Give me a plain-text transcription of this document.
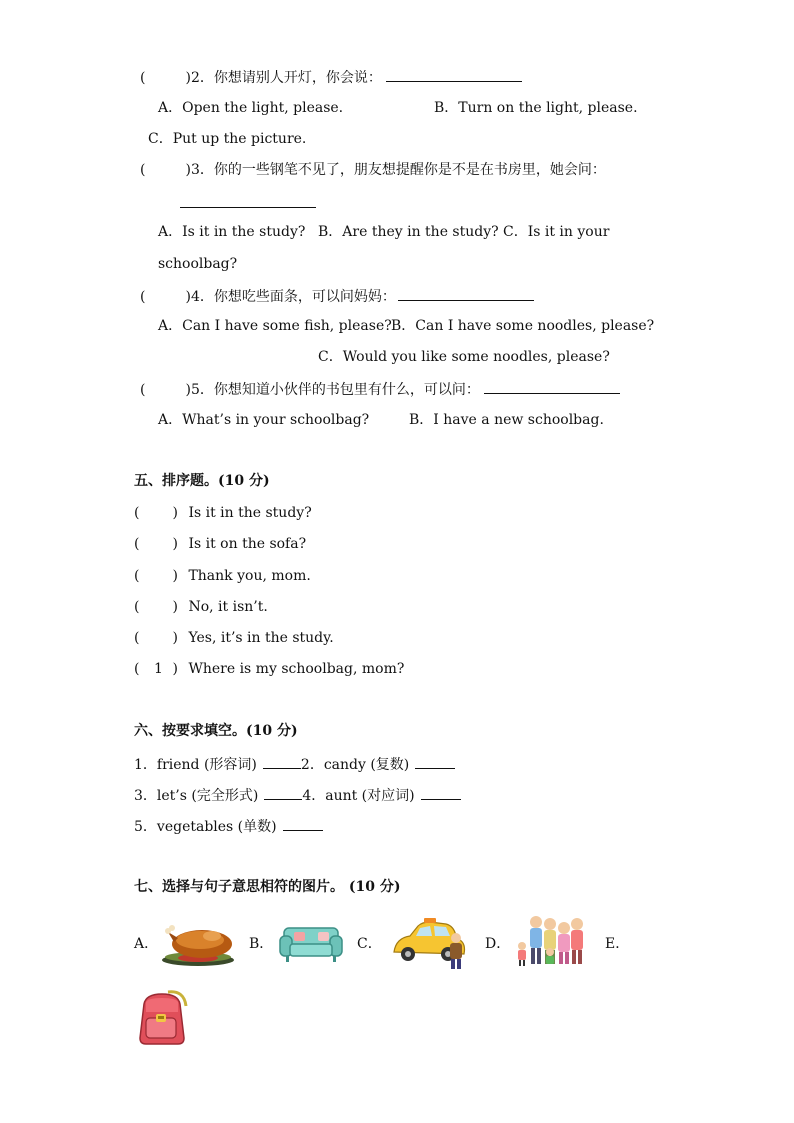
(	)2．你想请别人开灯，你会说：
A．Open the light, please.	B．Turn on the light, please.
C．Put up the picture.
(	)3．你的一些钢笔不见了，朋友想提醒你是不是在书房里，她会问：
A．Is it in the study? B．Are they in the study? C．Is it in your
schoolbag?
(	)4．你想吃些面条，可以问妈妈：
A．Can I have some fish, please? B．Can I have some noodles, please?
C．Would you like some noodles, please?
(	)5．你想知道小伙伴的书包里有什么，可以问：
A．What’s in your schoolbag?	B．I have a new schoolbag.
五、排序题。(10 分)
( ) Is it in the study?
( ) Is it on the sofa?
( ) Thank you, mom.
( ) No, it isn’t.
( ) Yes, it’s in the study.
( 1 ) Where is my schoolbag, mom?
六、按要求填空。(10 分)
1．friend (形容词)	2．candy (复数)
3．let’s (完全形式)	4．aunt (对应词)
5．vegetables (单数)
七、选择与句子意思相符的图片。 (10 分)
A．	B．	C．	D．	E．
